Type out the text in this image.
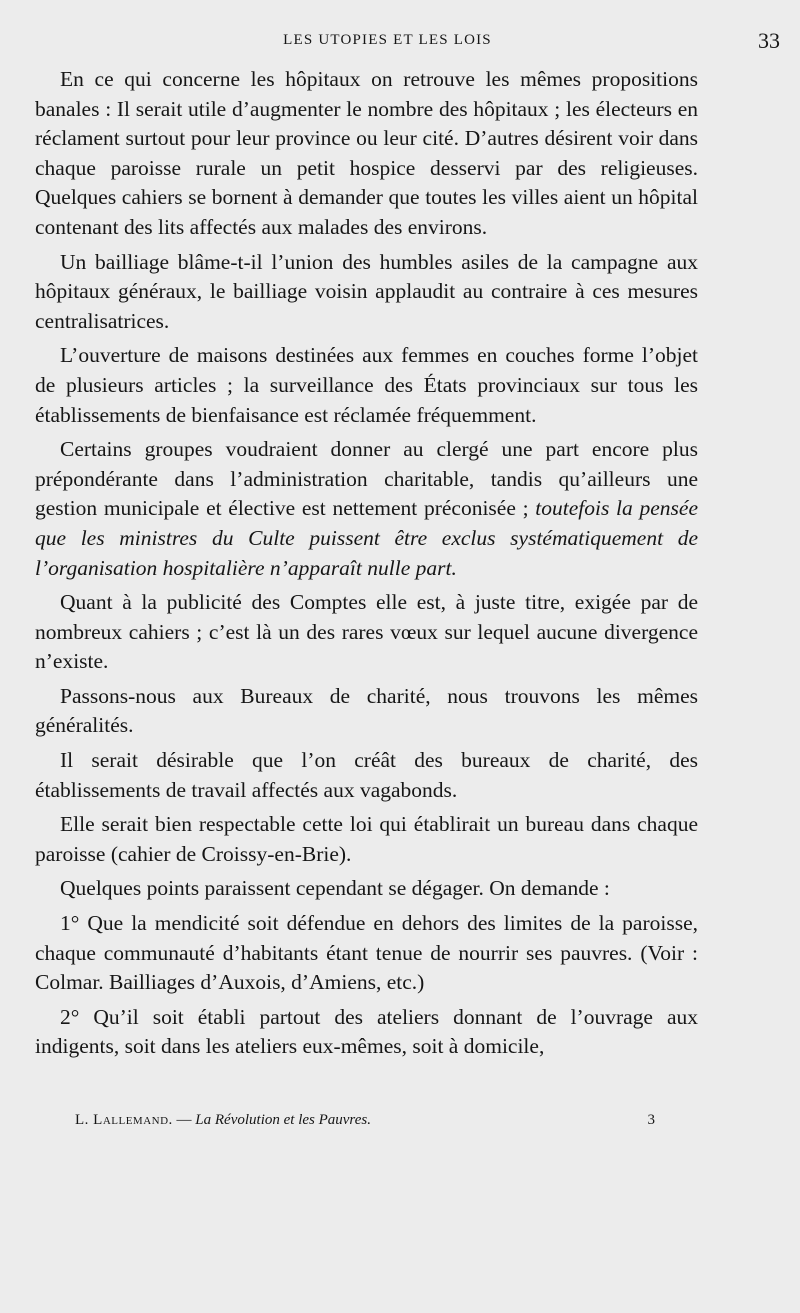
LES UTOPIES ET LES LOIS	33

En ce qui concerne les hôpitaux on retrouve les mêmes propositions banales : Il serait utile d’augmenter le nombre des hôpitaux ; les électeurs en réclament surtout pour leur province ou leur cité. D’autres désirent voir dans chaque paroisse rurale un petit hospice desservi par des religieuses. Quelques cahiers se bornent à demander que toutes les villes aient un hôpital contenant des lits affectés aux malades des environs.

Un bailliage blâme-t-il l’union des humbles asiles de la campagne aux hôpitaux généraux, le bailliage voisin applaudit au contraire à ces mesures centralisatrices.

L’ouverture de maisons destinées aux femmes en couches forme l’objet de plusieurs articles ; la surveillance des États provinciaux sur tous les établissements de bienfaisance est réclamée fréquemment.

Certains groupes voudraient donner au clergé une part encore plus prépondérante dans l’administration charitable, tandis qu’ailleurs une gestion municipale et élective est nettement préconisée ; toutefois la pensée que les ministres du Culte puissent être exclus systématiquement de l’organisation hospitalière n’apparaît nulle part.

Quant à la publicité des Comptes elle est, à juste titre, exigée par de nombreux cahiers ; c’est là un des rares vœux sur lequel aucune divergence n’existe.

Passons-nous aux Bureaux de charité, nous trouvons les mêmes généralités.

Il serait désirable que l’on créât des bureaux de charité, des établissements de travail affectés aux vagabonds.

Elle serait bien respectable cette loi qui établirait un bureau dans chaque paroisse (cahier de Croissy-en-Brie).

Quelques points paraissent cependant se dégager. On demande :

1° Que la mendicité soit défendue en dehors des limites de la paroisse, chaque communauté d’habitants étant tenue de nourrir ses pauvres. (Voir : Colmar. Bailliages d’Auxois, d’Amiens, etc.)

2° Qu’il soit établi partout des ateliers donnant de l’ouvrage aux indigents, soit dans les ateliers eux-mêmes, soit à domicile,

L. Lallemand. — La Révolution et les Pauvres.	3
